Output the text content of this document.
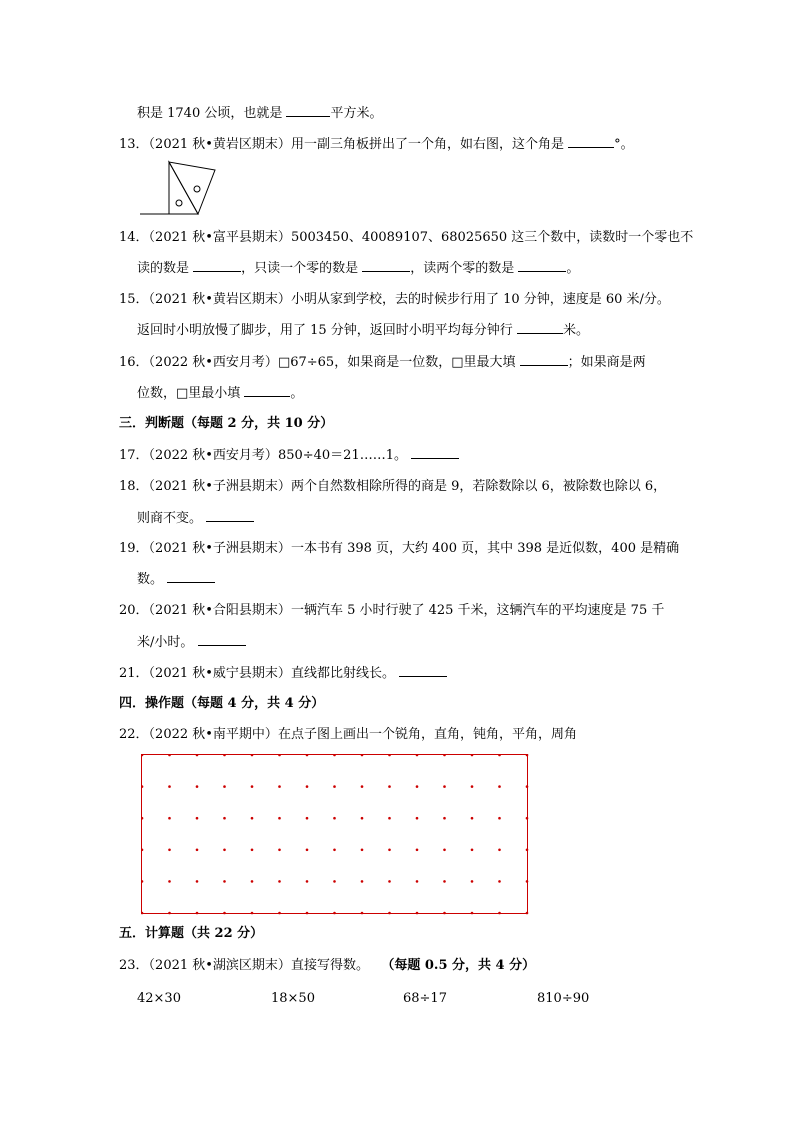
积是 1740 公顷，也就是	平方米。
13．（2021 秋•黄岩区期末）用一副三角板拼出了一个角，如右图，这个角是	°。
14．（2021 秋•富平县期末）5003450、40089107、68025650 这三个数中，读数时一个零也不
读的数是	，只读一个零的数是	，读两个零的数是	。
15．（2021 秋•黄岩区期末）小明从家到学校，去的时候步行用了 10 分钟，速度是 60 米/分。
返回时小明放慢了脚步，用了 15 分钟，返回时小明平均每分钟行	米。
16．（2022 秋•西安月考）□67÷65，如果商是一位数，□里最大填	；如果商是两
位数，□里最小填	。
三．判断题（每题 2 分，共 10 分）
17．（2022 秋•西安月考）850÷40＝21……1。
18．（2021 秋•子洲县期末）两个自然数相除所得的商是 9，若除数除以 6，被除数也除以 6，
则商不变。
19．（2021 秋•子洲县期末）一本书有 398 页，大约 400 页，其中 398 是近似数，400 是精确
数。
20．（2021 秋•合阳县期末）一辆汽车 5 小时行驶了 425 千米，这辆汽车的平均速度是 75 千
米/小时。
21．（2021 秋•威宁县期末）直线都比射线长。
四．操作题（每题 4 分，共 4 分）
22．（2022 秋•南平期中）在点子图上画出一个锐角，直角，钝角，平角，周角
五．计算题（共 22 分）
23．（2021 秋•湖滨区期末）直接写得数。 （每题 0.5 分，共 4 分）
42×30	18×50	68÷17	810÷90
